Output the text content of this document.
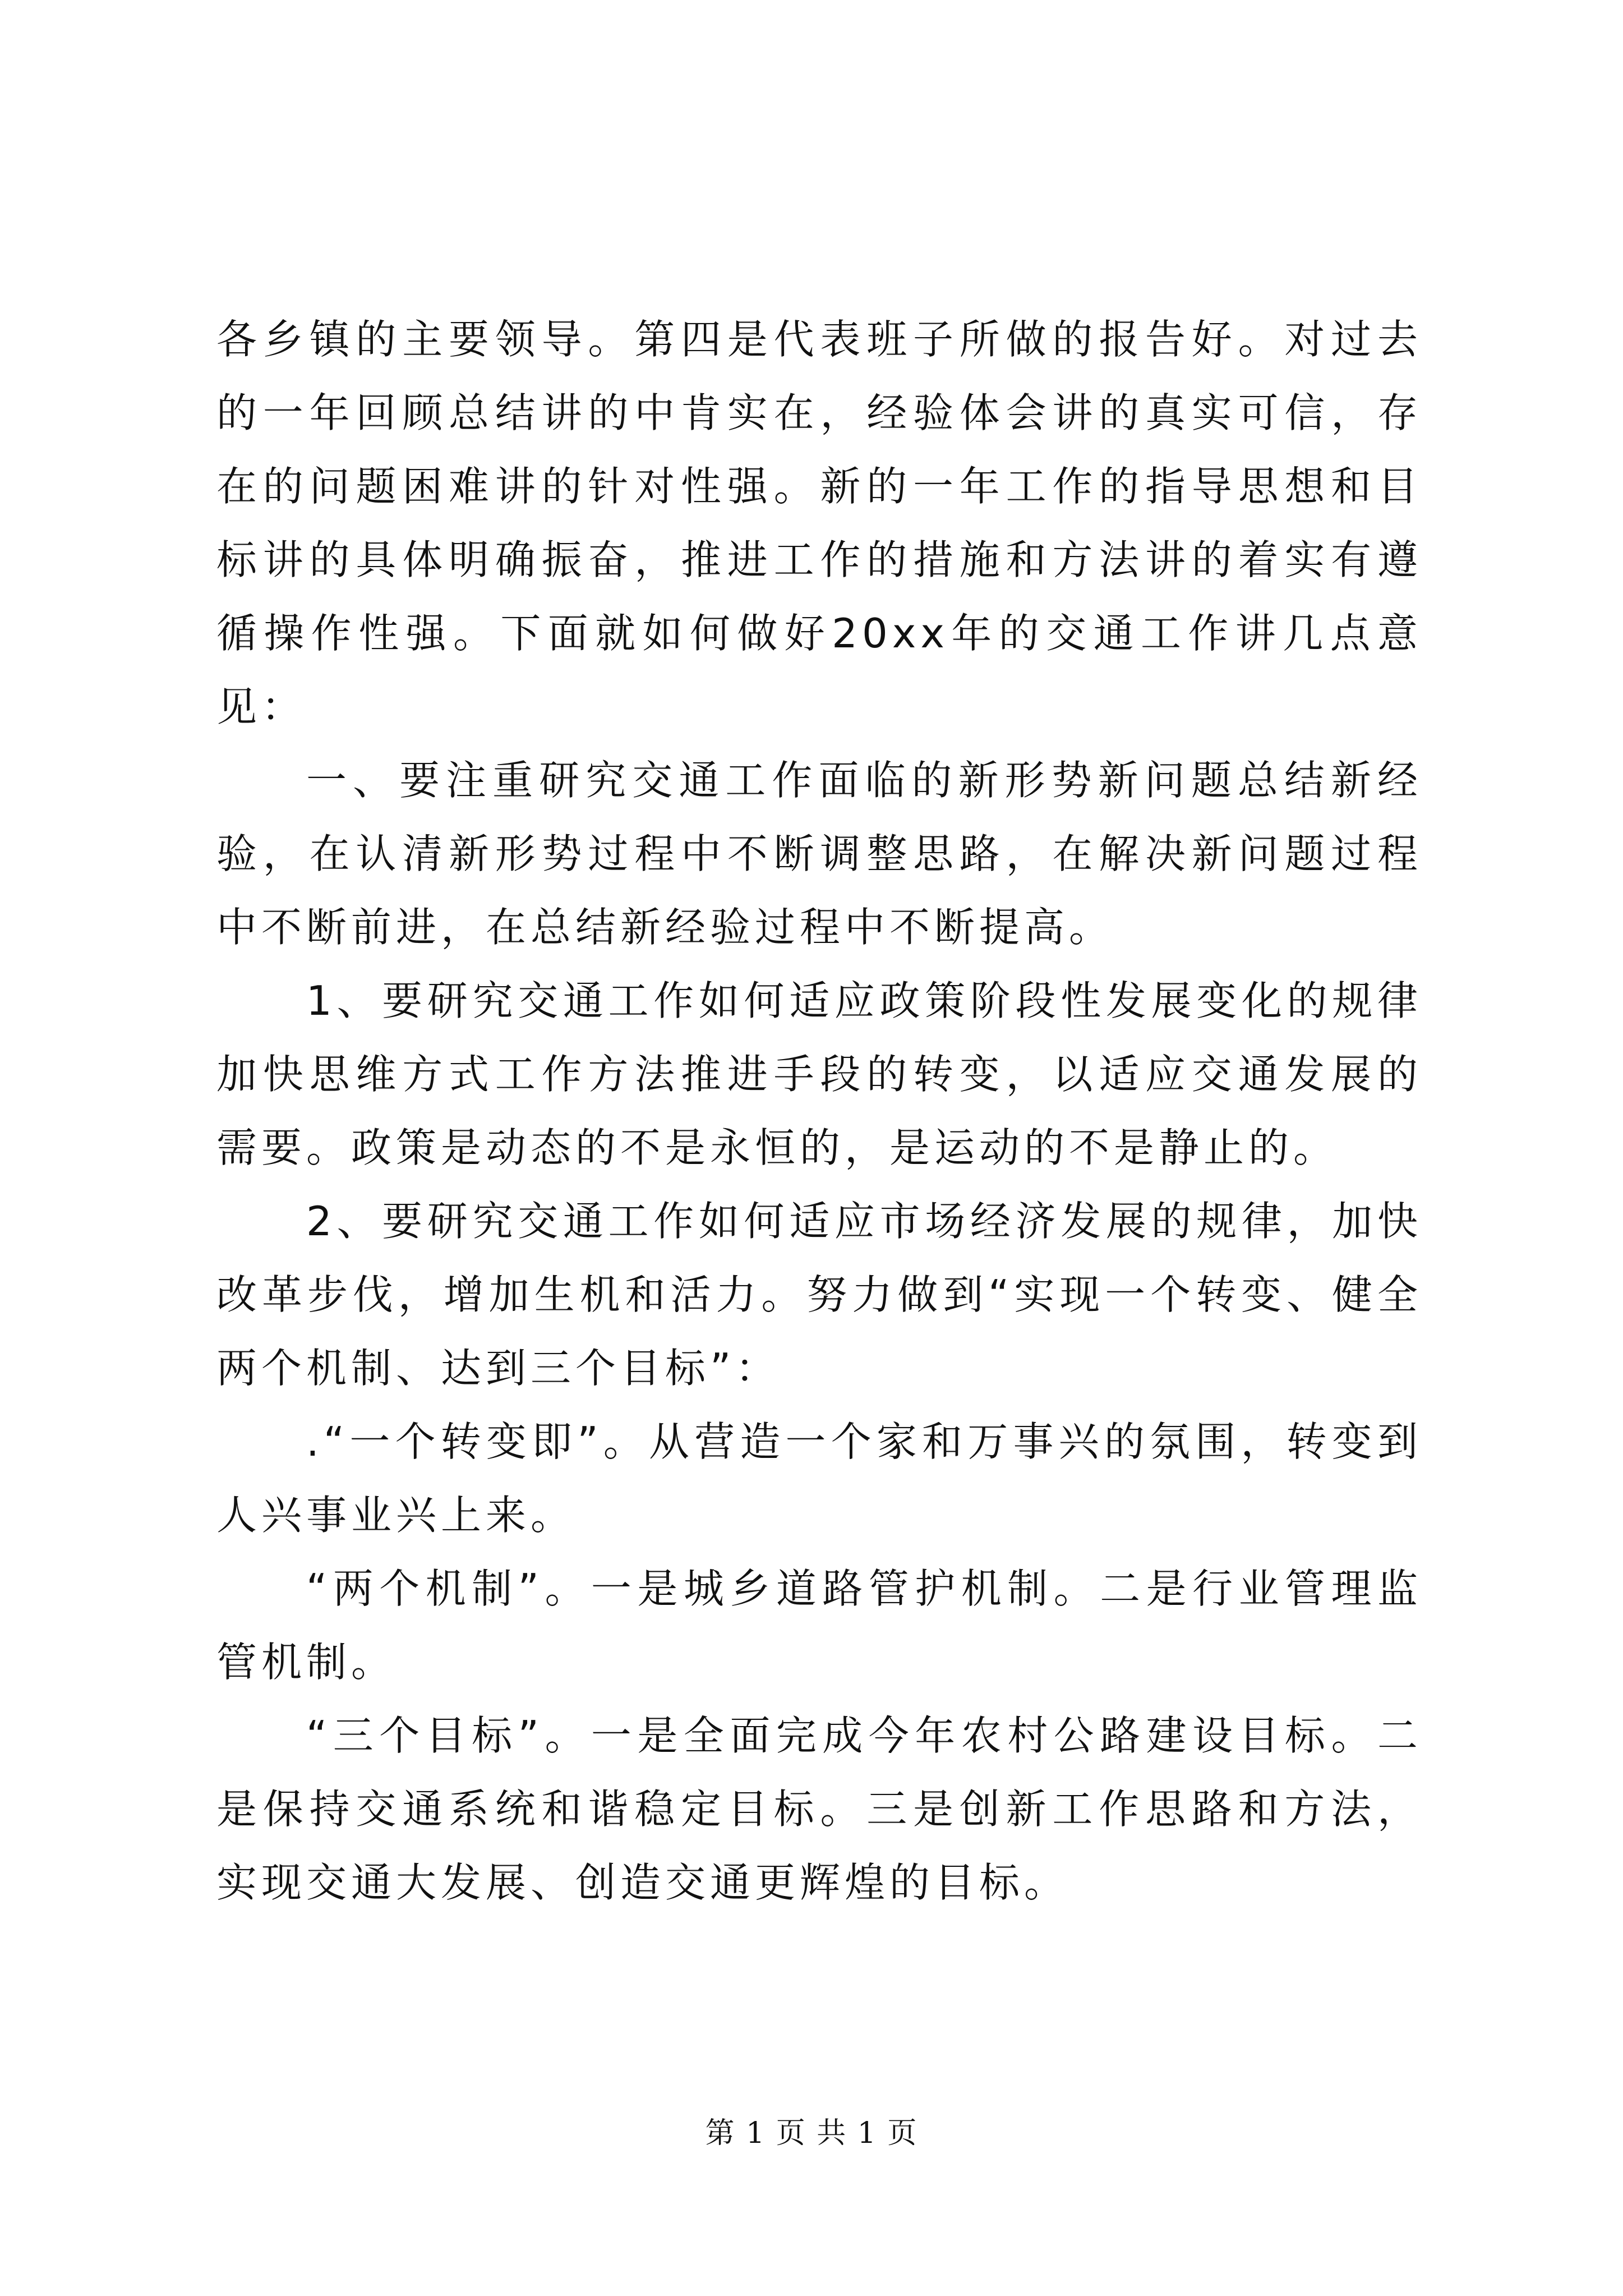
各乡镇的主要领导。第四是代表班子所做的报告好。对过去的一年回顾总结讲的中肯实在，经验体会讲的真实可信，存在的问题困难讲的针对性强。新的一年工作的指导思想和目标讲的具体明确振奋，推进工作的措施和方法讲的着实有遵循操作性强。下面就如何做好20xx年的交通工作讲几点意见：

一、要注重研究交通工作面临的新形势新问题总结新经验，在认清新形势过程中不断调整思路，在解决新问题过程中不断前进，在总结新经验过程中不断提高。

1、要研究交通工作如何适应政策阶段性发展变化的规律加快思维方式工作方法推进手段的转变，以适应交通发展的需要。政策是动态的不是永恒的，是运动的不是静止的。

2、要研究交通工作如何适应市场经济发展的规律，加快改革步伐，增加生机和活力。努力做到“实现一个转变、健全两个机制、达到三个目标”：

.“一个转变即”。从营造一个家和万事兴的氛围，转变到人兴事业兴上来。

“两个机制”。一是城乡道路管护机制。二是行业管理监管机制。

“三个目标”。一是全面完成今年农村公路建设目标。二是保持交通系统和谐稳定目标。三是创新工作思路和方法，实现交通大发展、创造交通更辉煌的目标。

第 1 页 共 1 页
